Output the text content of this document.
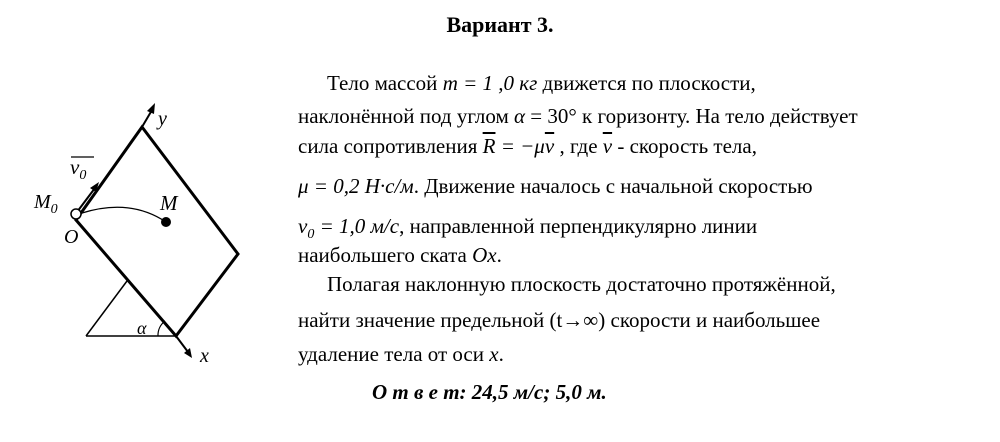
Вариант 3.
y
x
α
M
O
$M_0$
$v_0$
Тело массой m = 1 ,0 кг движется по плоскости,
наклонённой под углом α = 30° к горизонту. На тело действует
сила сопротивления $\overline{R} = -\mu\overline{v}$ , где $\overline{v}$ - скорость тела,
μ = 0,2 Н·с/м. Движение началось с начальной скоростью
$v_0 = 1,0$ м/с, направленной перпендикулярно линии
наибольшего ската Ox.
Полагая наклонную плоскость достаточно протяжённой,
найти значение предельной (t→∞) скорости и наибольшее
удаление тела от оси x.
О т в е т: 24,5 м/с; 5,0 м.
